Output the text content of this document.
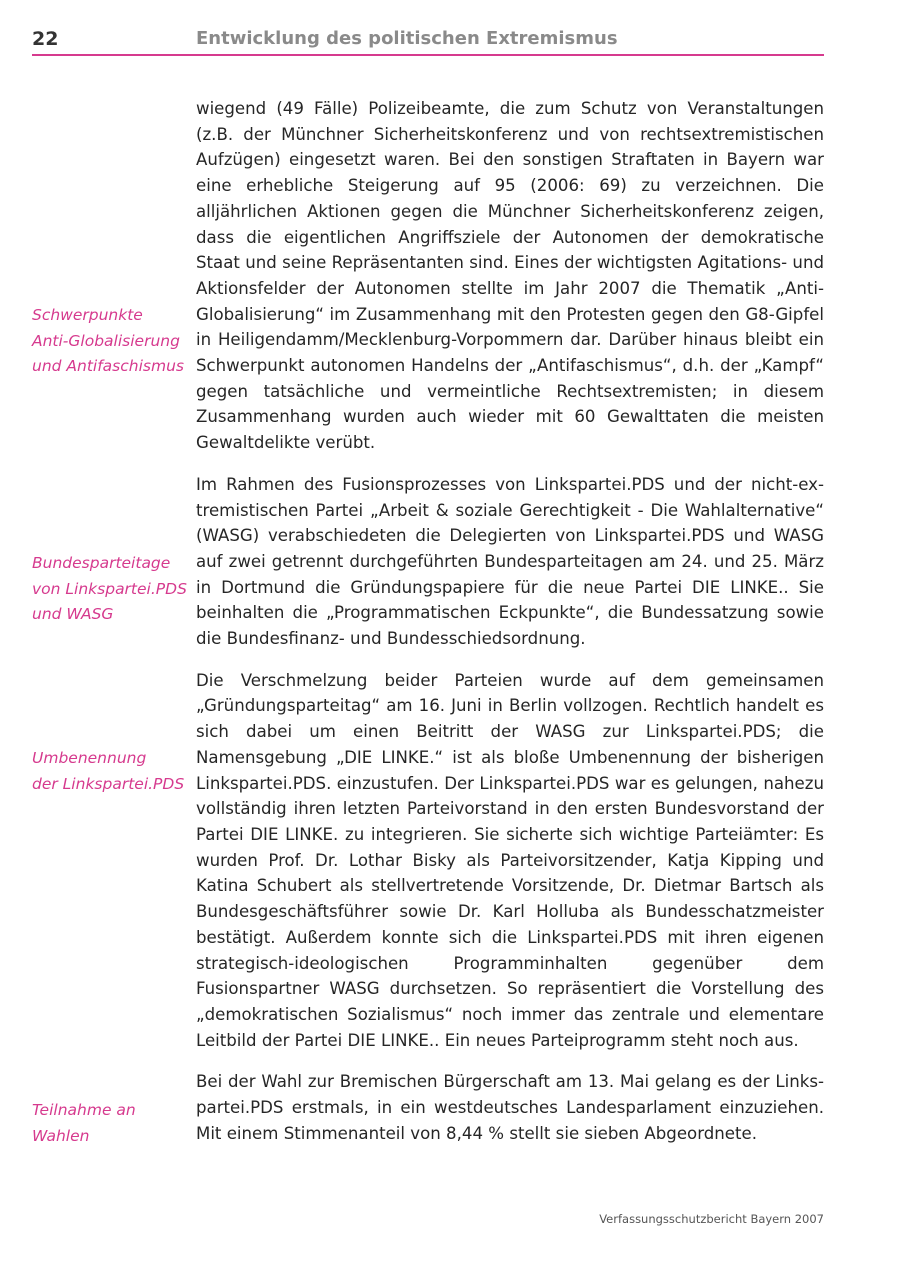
22	Entwicklung des politischen Extremismus
Schwerpunkte
Anti-Globalisierung
und Antifaschismus
Bundesparteitage
von Linkspartei.PDS
und WASG
Umbenennung
der Linkspartei.PDS
Teilnahme an
Wahlen

wiegend (49 Fälle) Polizeibeamte, die zum Schutz von Veranstaltungen (z.B. der Münchner Sicherheitskonferenz und von rechtsextremistischen Aufzügen) eingesetzt waren. Bei den sonstigen Straftaten in Bayern war eine erhebliche Steigerung auf 95 (2006: 69) zu verzeichnen. Die alljährlichen Aktionen gegen die Münchner Sicherheitskonferenz zeigen, dass die eigentlichen Angriffsziele der Autonomen der demokratische Staat und seine Repräsentanten sind. Eines der wichtigsten Agitations- und Aktionsfelder der Autonomen stellte im Jahr 2007 die Thematik „Anti-Globalisierung“ im Zusammenhang mit den Protesten gegen den G8-Gipfel in Heiligendamm/Mecklenburg-Vorpommern dar. Darüber hinaus bleibt ein Schwerpunkt autonomen Handelns der „Antifaschismus“, d.h. der „Kampf“ gegen tatsächliche und vermeintliche Rechtsextremisten; in diesem Zusammenhang wurden auch wieder mit 60 Gewalttaten die meisten Gewaltdelikte verübt.

Im Rahmen des Fusionsprozesses von Linkspartei.PDS und der nicht-extremistischen Partei „Arbeit & soziale Gerechtigkeit - Die Wahlalternative“ (WASG) verabschiedeten die Delegierten von Linkspartei.PDS und WASG auf zwei getrennt durchgeführten Bundesparteitagen am 24. und 25. März in Dortmund die Gründungspapiere für die neue Partei DIE LINKE.. Sie beinhalten die „Programmatischen Eckpunkte“, die Bundessatzung sowie die Bundesfinanz- und Bundesschiedsordnung.

Die Verschmelzung beider Parteien wurde auf dem gemeinsamen „Gründungsparteitag“ am 16. Juni in Berlin vollzogen. Rechtlich handelt es sich dabei um einen Beitritt der WASG zur Linkspartei.PDS; die Namensgebung „DIE LINKE.“ ist als bloße Umbenennung der bisherigen Linkspartei.PDS. einzustufen. Der Linkspartei.PDS war es gelungen, nahezu vollständig ihren letzten Parteivorstand in den ersten Bundesvorstand der Partei DIE LINKE. zu integrieren. Sie sicherte sich wichtige Parteiämter: Es wurden Prof. Dr. Lothar Bisky als Parteivorsitzender, Katja Kipping und Katina Schubert als stellvertretende Vorsitzende, Dr. Dietmar Bartsch als Bundesgeschäftsführer sowie Dr. Karl Holluba als Bundesschatzmeister bestätigt. Außerdem konnte sich die Linkspartei.PDS mit ihren eigenen strategisch-ideologischen Programminhalten gegenüber dem Fusionspartner WASG durchsetzen. So repräsentiert die Vorstellung des „demokratischen Sozialismus“ noch immer das zentrale und elementare Leitbild der Partei DIE LINKE.. Ein neues Parteiprogramm steht noch aus.

Bei der Wahl zur Bremischen Bürgerschaft am 13. Mai gelang es der Linkspartei.PDS erstmals, in ein westdeutsches Landesparlament einzuziehen. Mit einem Stimmenanteil von 8,44 % stellt sie sieben Abgeordnete.

Verfassungsschutzbericht Bayern 2007
